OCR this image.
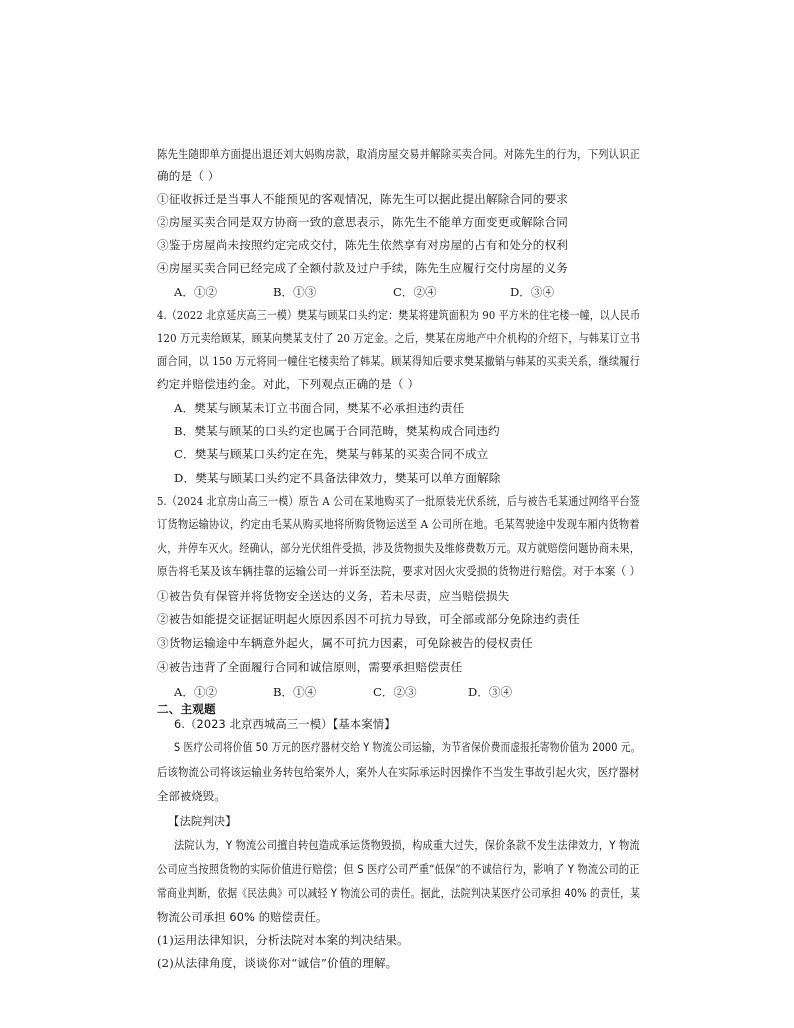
陈先生随即单方面提出退还刘大妈购房款，取消房屋交易并解除买卖合同。对陈先生的行为，下列认识正
确的是（ ）
①征收拆迁是当事人不能预见的客观情况，陈先生可以据此提出解除合同的要求
②房屋买卖合同是双方协商一致的意思表示，陈先生不能单方面变更或解除合同
③鉴于房屋尚未按照约定完成交付，陈先生依然享有对房屋的占有和处分的权利
④房屋买卖合同已经完成了全额付款及过户手续，陈先生应履行交付房屋的义务
A．①②	B．①③	C．②④	D．③④
4.（2022 北京延庆高三一模）樊某与顾某口头约定：樊某将建筑面积为 90 平方米的住宅楼一幢，以人民币
120 万元卖给顾某，顾某向樊某支付了 20 万定金。之后，樊某在房地产中介机构的介绍下，与韩某订立书
面合同，以 150 万元将同一幢住宅楼卖给了韩某。顾某得知后要求樊某撤销与韩某的买卖关系，继续履行
约定并赔偿违约金。对此，下列观点正确的是（ ）
A．樊某与顾某未订立书面合同，樊某不必承担违约责任
B．樊某与顾某的口头约定也属于合同范畴，樊某构成合同违约
C．樊某与顾某口头约定在先，樊某与韩某的买卖合同不成立
D．樊某与顾某口头约定不具备法律效力，樊某可以单方面解除
5.（2024 北京房山高三一模）原告 A 公司在某地购买了一批原装光伏系统，后与被告毛某通过网络平台签
订货物运输协议，约定由毛某从购买地将所购货物运送至 A 公司所在地。毛某驾驶途中发现车厢内货物着
火，并停车灭火。经确认，部分光伏组件受损，涉及货物损失及维修费数万元。双方就赔偿问题协商未果，
原告将毛某及该车辆挂靠的运输公司一并诉至法院，要求对因火灾受损的货物进行赔偿。对于本案（ ）
①被告负有保管并将货物安全送达的义务，若未尽责，应当赔偿损失
②被告如能提交证据证明起火原因系因不可抗力导致，可全部或部分免除违约责任
③货物运输途中车辆意外起火，属不可抗力因素，可免除被告的侵权责任
④被告违背了全面履行合同和诚信原则，需要承担赔偿责任
A．①②	B．①④	C．②③	D．③④
二、主观题
6.（2023 北京西城高三一模）【基本案情】
S 医疗公司将价值 50 万元的医疗器材交给 Y 物流公司运输，为节省保价费而虚报托寄物价值为 2000 元。
后该物流公司将该运输业务转包给案外人，案外人在实际承运时因操作不当发生事故引起火灾，医疗器材
全部被烧毁。
【法院判决】
法院认为，Y 物流公司擅自转包造成承运货物毁损，构成重大过失，保价条款不发生法律效力，Y 物流
公司应当按照货物的实际价值进行赔偿；但 S 医疗公司严重“低保”的不诚信行为，影响了 Y 物流公司的正
常商业判断，依据《民法典》可以减轻 Y 物流公司的责任。据此，法院判决某医疗公司承担 40% 的责任，某
物流公司承担 60% 的赔偿责任。
(1)运用法律知识，分析法院对本案的判决结果。
(2)从法律角度，谈谈你对“诚信”价值的理解。
